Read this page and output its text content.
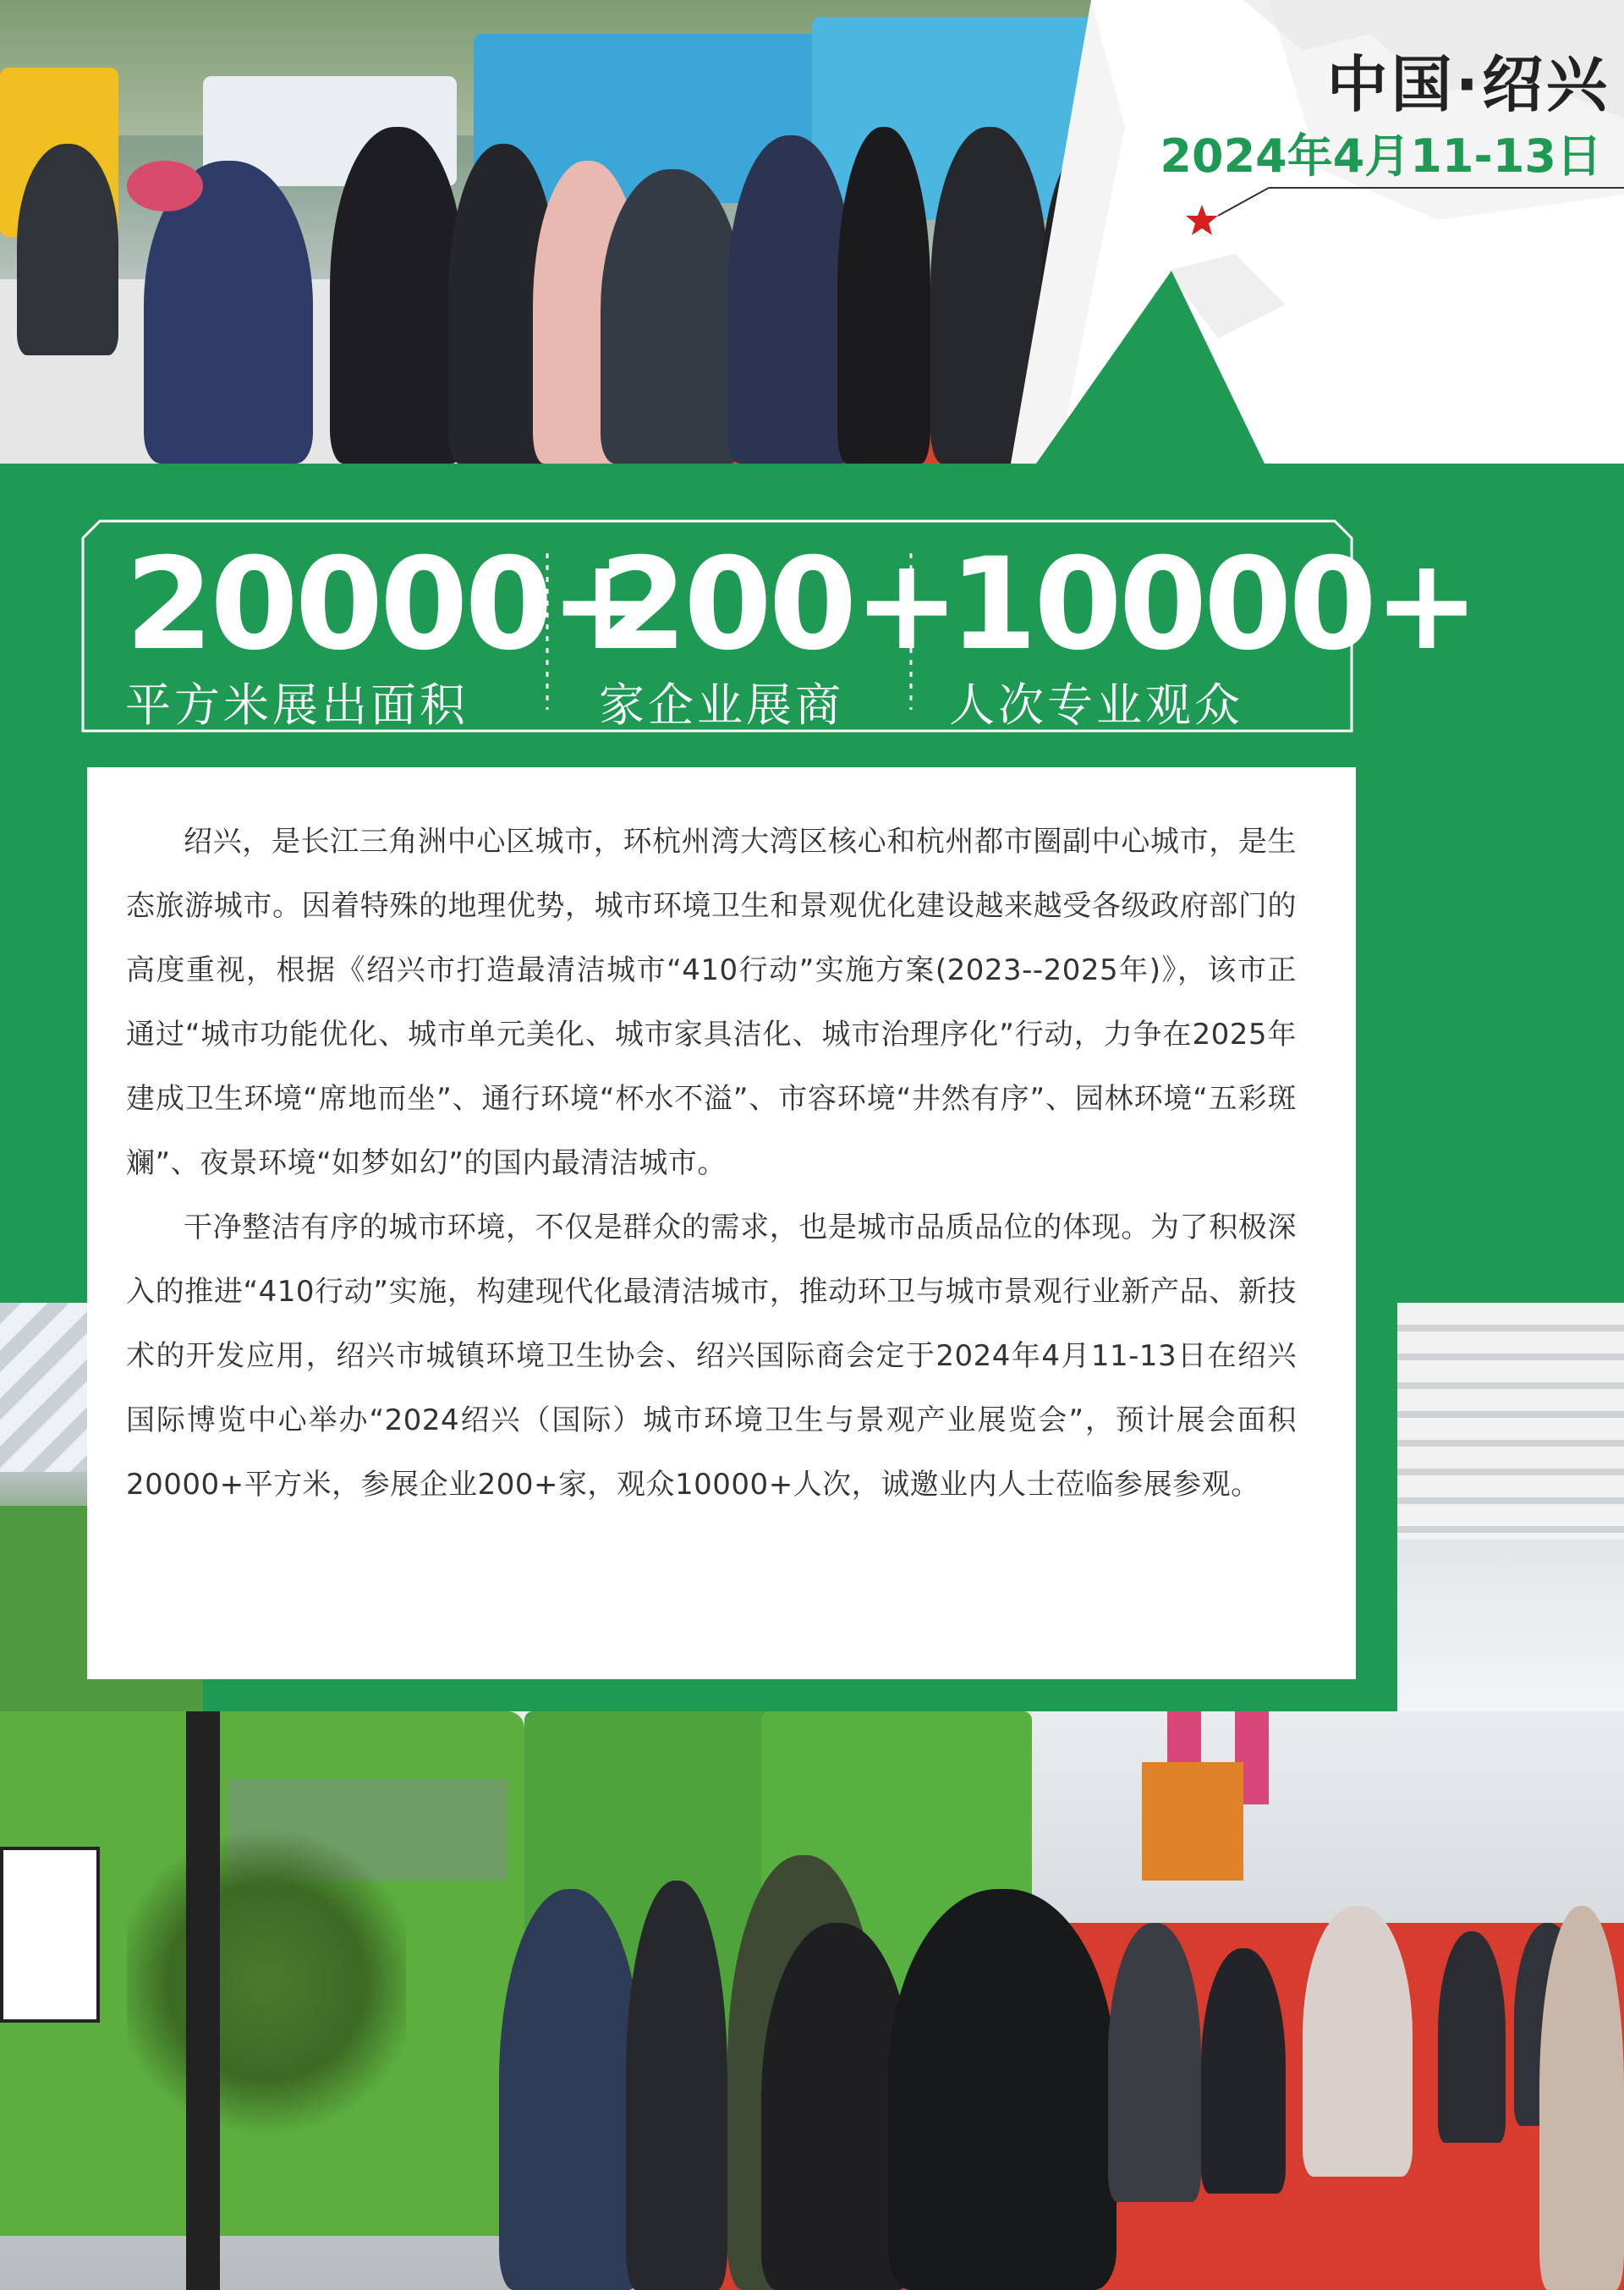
中国·绍兴
2024年4月11-13日
20000+
平方米展出面积
200+
家企业展商
10000+
人次专业观众

绍兴，是长江三角洲中心区城市，环杭州湾大湾区核心和杭州都市圈副中心城市，是生态旅游城市。因着特殊的地理优势，城市环境卫生和景观优化建设越来越受各级政府部门的高度重视，根据《绍兴市打造最清洁城市“410行动”实施方案(2023--2025年)》，该市正通过“城市功能优化、城市单元美化、城市家具洁化、城市治理序化”行动，力争在2025年建成卫生环境“席地而坐”、通行环境“杯水不溢”、市容环境“井然有序”、园林环境“五彩斑斓”、夜景环境“如梦如幻”的国内最清洁城市。

干净整洁有序的城市环境，不仅是群众的需求，也是城市品质品位的体现。为了积极深入的推进“410行动”实施，构建现代化最清洁城市，推动环卫与城市景观行业新产品、新技术的开发应用，绍兴市城镇环境卫生协会、绍兴国际商会定于2024年4月11-13日在绍兴国际博览中心举办“2024绍兴（国际）城市环境卫生与景观产业展览会”，预计展会面积20000+平方米，参展企业200+家，观众10000+人次，诚邀业内人士莅临参展参观。
